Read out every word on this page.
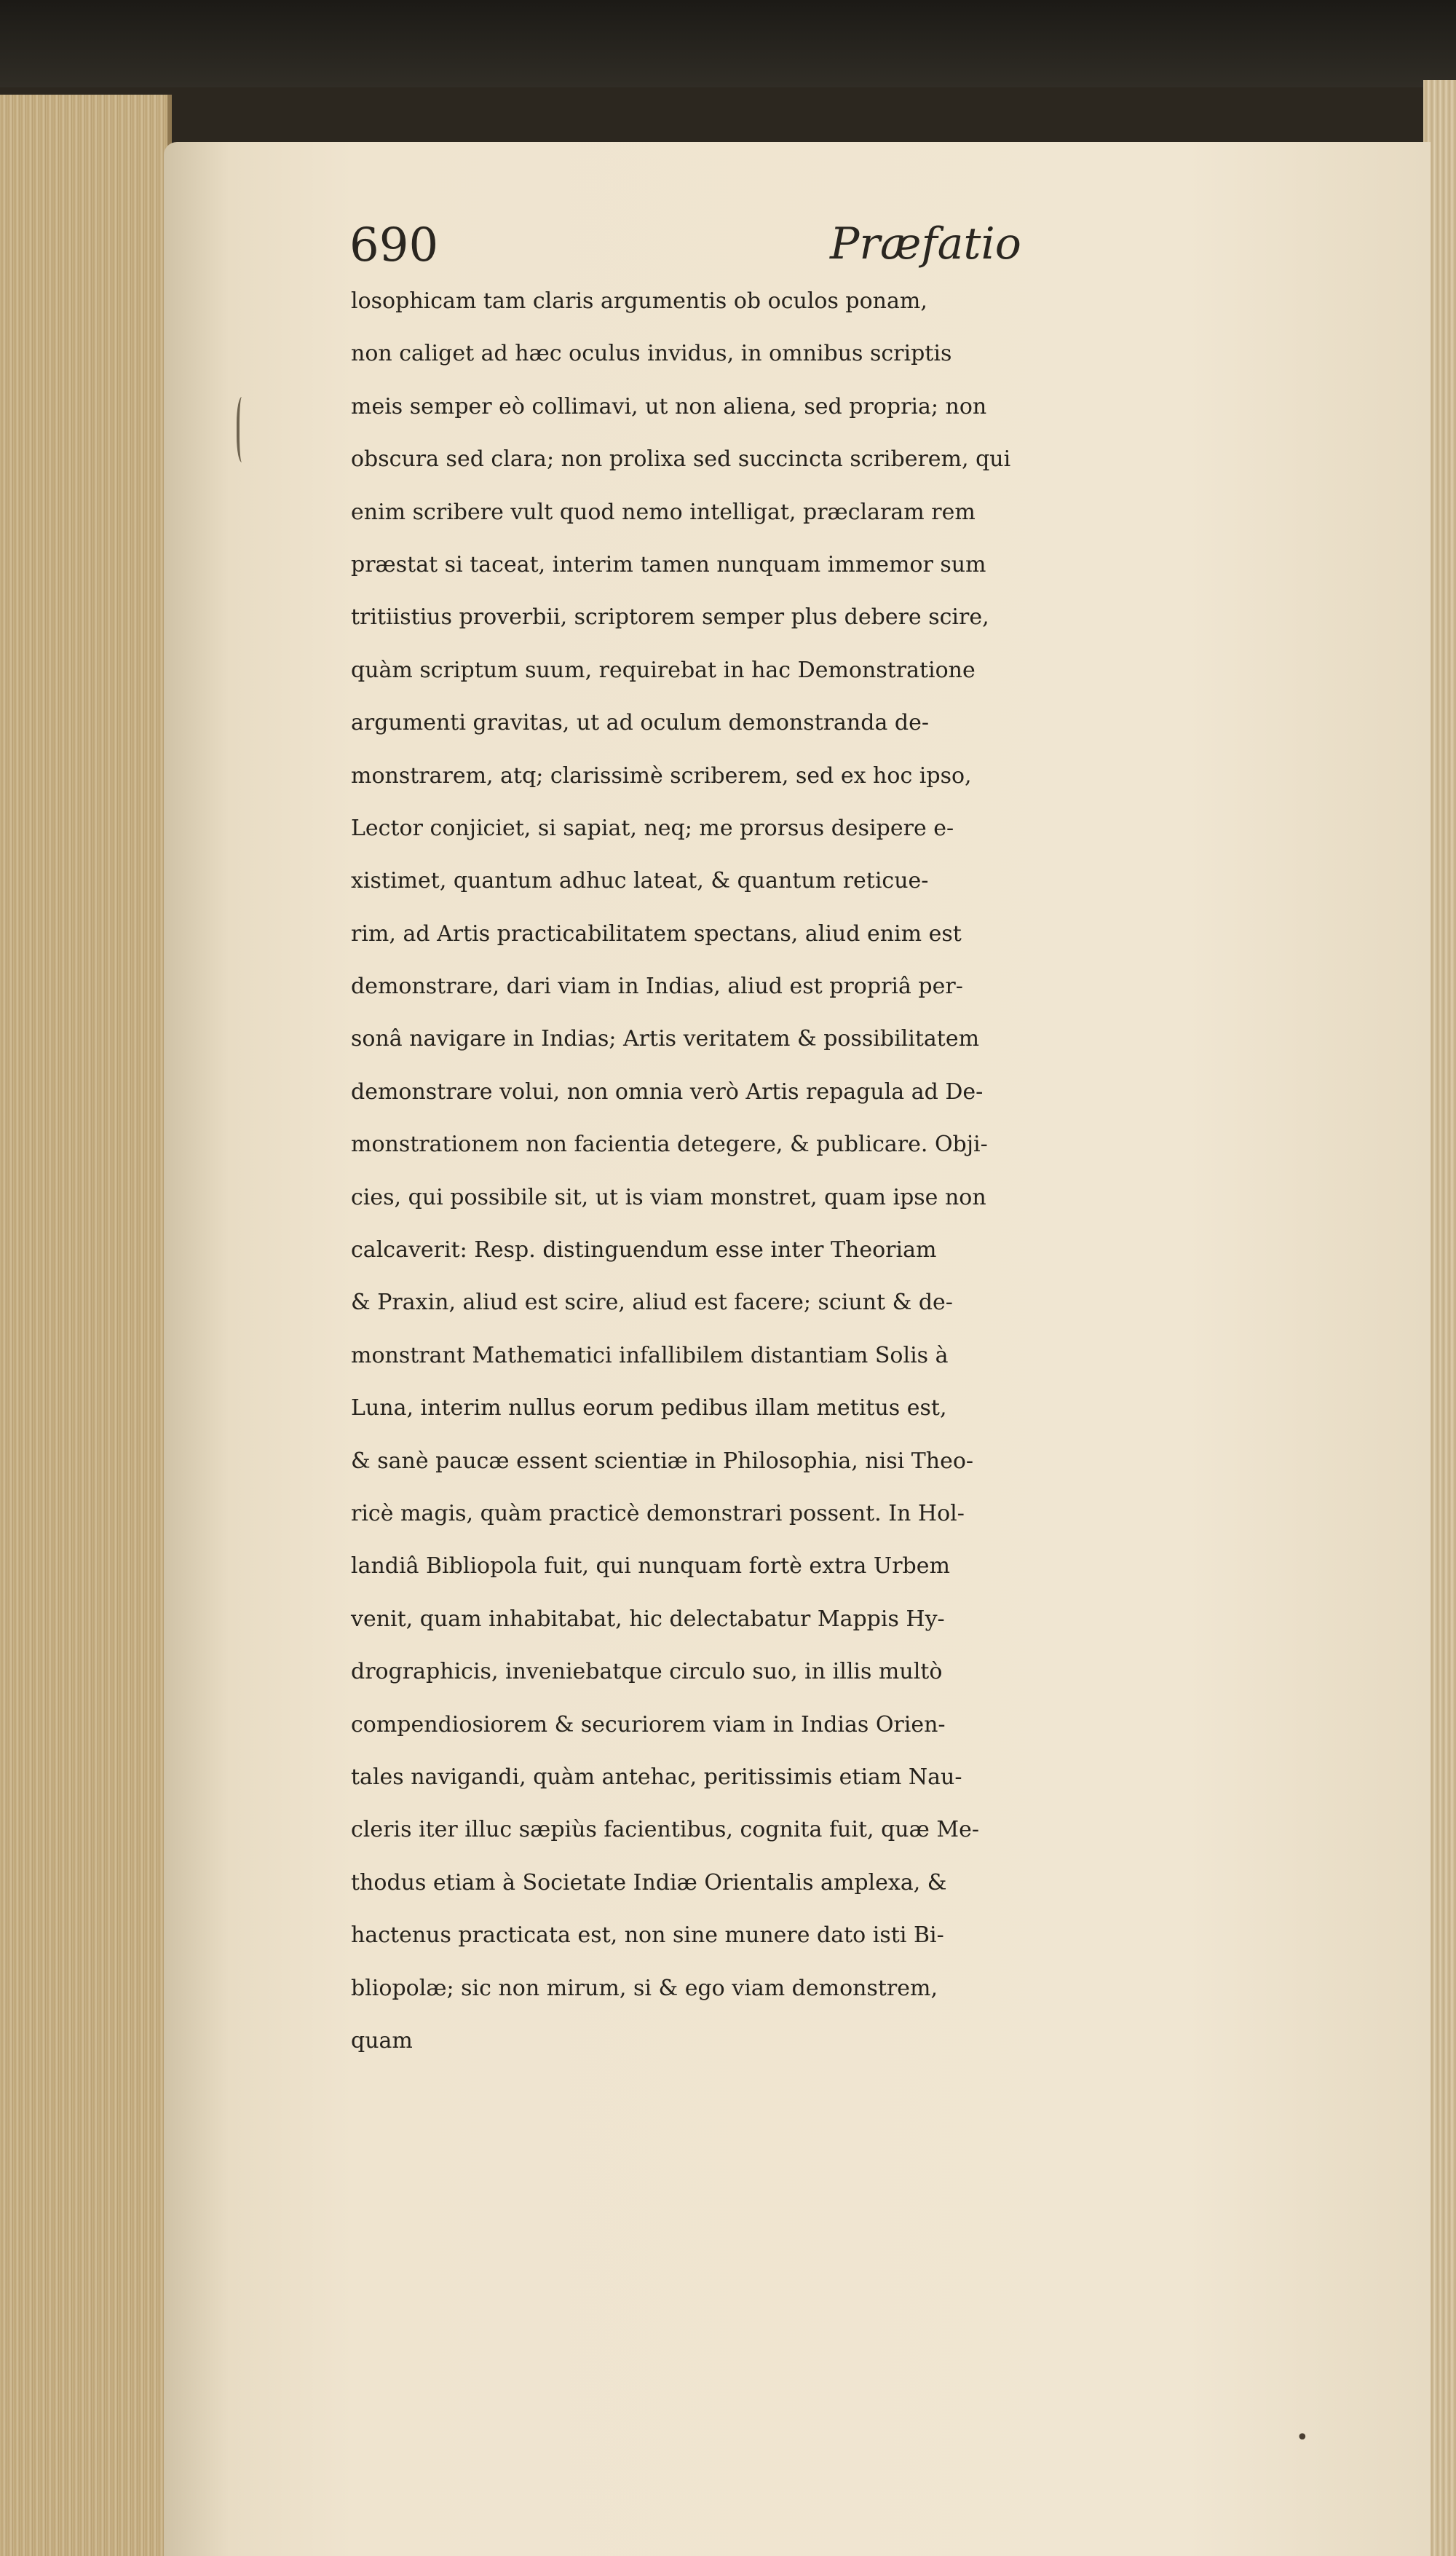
690	Præfatio
losophicam tam claris argumentis ob oculos ponam,
non caliget ad hæc oculus invidus, in omnibus scriptis
meis semper eò collimavi, ut non aliena, sed propria; non
obscura sed clara; non prolixa sed succincta scriberem, qui
enim scribere vult quod nemo intelligat, præclaram rem
præstat si taceat, interim tamen nunquam immemor sum
tritiistius proverbii, scriptorem semper plus debere scire,
quàm scriptum suum, requirebat in hac Demonstratione
argumenti gravitas, ut ad oculum demonstranda de-
monstrarem, atq; clarissimè scriberem, sed ex hoc ipso,
Lector conjiciet, si sapiat, neq; me prorsus desipere e-
xistimet, quantum adhuc lateat, & quantum reticue-
rim, ad Artis practicabilitatem spectans, aliud enim est
demonstrare, dari viam in Indias, aliud est propriâ per-
sonâ navigare in Indias; Artis veritatem & possibilitatem
demonstrare volui, non omnia verò Artis repagula ad De-
monstrationem non facientia detegere, & publicare. Obji-
cies, qui possibile sit, ut is viam monstret, quam ipse non
calcaverit: Resp. distinguendum esse inter Theoriam
& Praxin, aliud est scire, aliud est facere; sciunt & de-
monstrant Mathematici infallibilem distantiam Solis à
Luna, interim nullus eorum pedibus illam metitus est,
& sanè paucæ essent scientiæ in Philosophia, nisi Theo-
ricè magis, quàm practicè demonstrari possent. In Hol-
landiâ Bibliopola fuit, qui nunquam fortè extra Urbem
venit, quam inhabitabat, hic delectabatur Mappis Hy-
drographicis, inveniebatque circulo suo, in illis multò
compendiosiorem & securiorem viam in Indias Orien-
tales navigandi, quàm antehac, peritissimis etiam Nau-
cleris iter illuc sæpiùs facientibus, cognita fuit, quæ Me-
thodus etiam à Societate Indiæ Orientalis amplexa, &
hactenus practicata est, non sine munere dato isti Bi-
bliopolæ; sic non mirum, si & ego viam demonstrem,
quam
•
